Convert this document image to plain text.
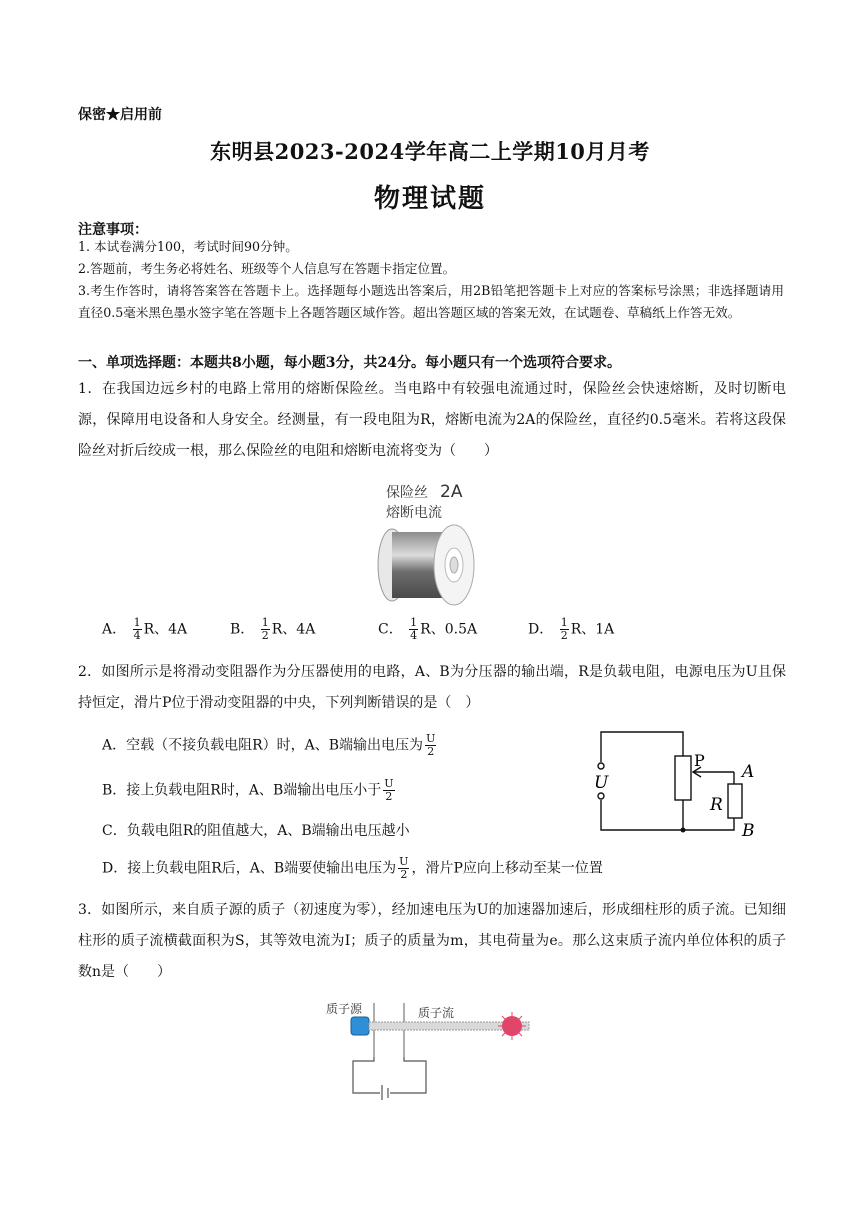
保密★启用前
东明县2023-2024学年高二上学期10月月考
物理试题
注意事项：
1. 本试卷满分100，考试时间90分钟。
2.答题前，考生务必将姓名、班级等个人信息写在答题卡指定位置。
3.考生作答时，请将答案答在答题卡上。选择题每小题选出答案后，用2B铅笔把答题卡上对应的答案标号涂黑；非选择题请用直径0.5毫米黑色墨水签字笔在答题卡上各题答题区域作答。超出答题区域的答案无效，在试题卷、草稿纸上作答无效。
一、单项选择题：本题共8小题，每小题3分，共24分。每小题只有一个选项符合要求。
1．在我国边远乡村的电路上常用的熔断保险丝。当电路中有较强电流通过时，保险丝会快速熔断，及时切断电源，保障用电设备和人身安全。经测量，有一段电阻为R，熔断电流为2A的保险丝，直径约0.5毫米。若将这段保险丝对折后绞成一根，那么保险丝的电阻和熔断电流将变为（　　）
保险丝 2A
熔断电流
A． $\frac{1}{4}$ R、4A	B． $\frac{1}{2}$ R、4A	C． $\frac{1}{4}$ R、0.5A	D． $\frac{1}{2}$ R、1A
2．如图所示是将滑动变阻器作为分压器使用的电路，A、B为分压器的输出端，R是负载电阻，电源电压为U且保持恒定，滑片P位于滑动变阻器的中央，下列判断错误的是（　）
A．空载（不接负载电阻R）时，A、B端输出电压为 $\frac{U}{2}$
B．接上负载电阻R时，A、B端输出电压小于 $\frac{U}{2}$
C．负载电阻R的阻值越大，A、B端输出电压越小
D．接上负载电阻R后，A、B端要使输出电压为 $\frac{U}{2}$ ，滑片P应向上移动至某一位置
U
P
A
R
B
3．如图所示，来自质子源的质子（初速度为零），经加速电压为U的加速器加速后，形成细柱形的质子流。已知细柱形的质子流横截面积为S，其等效电流为I；质子的质量为m，其电荷量为e。那么这束质子流内单位体积的质子数n是（　　）
质子源	质子流
